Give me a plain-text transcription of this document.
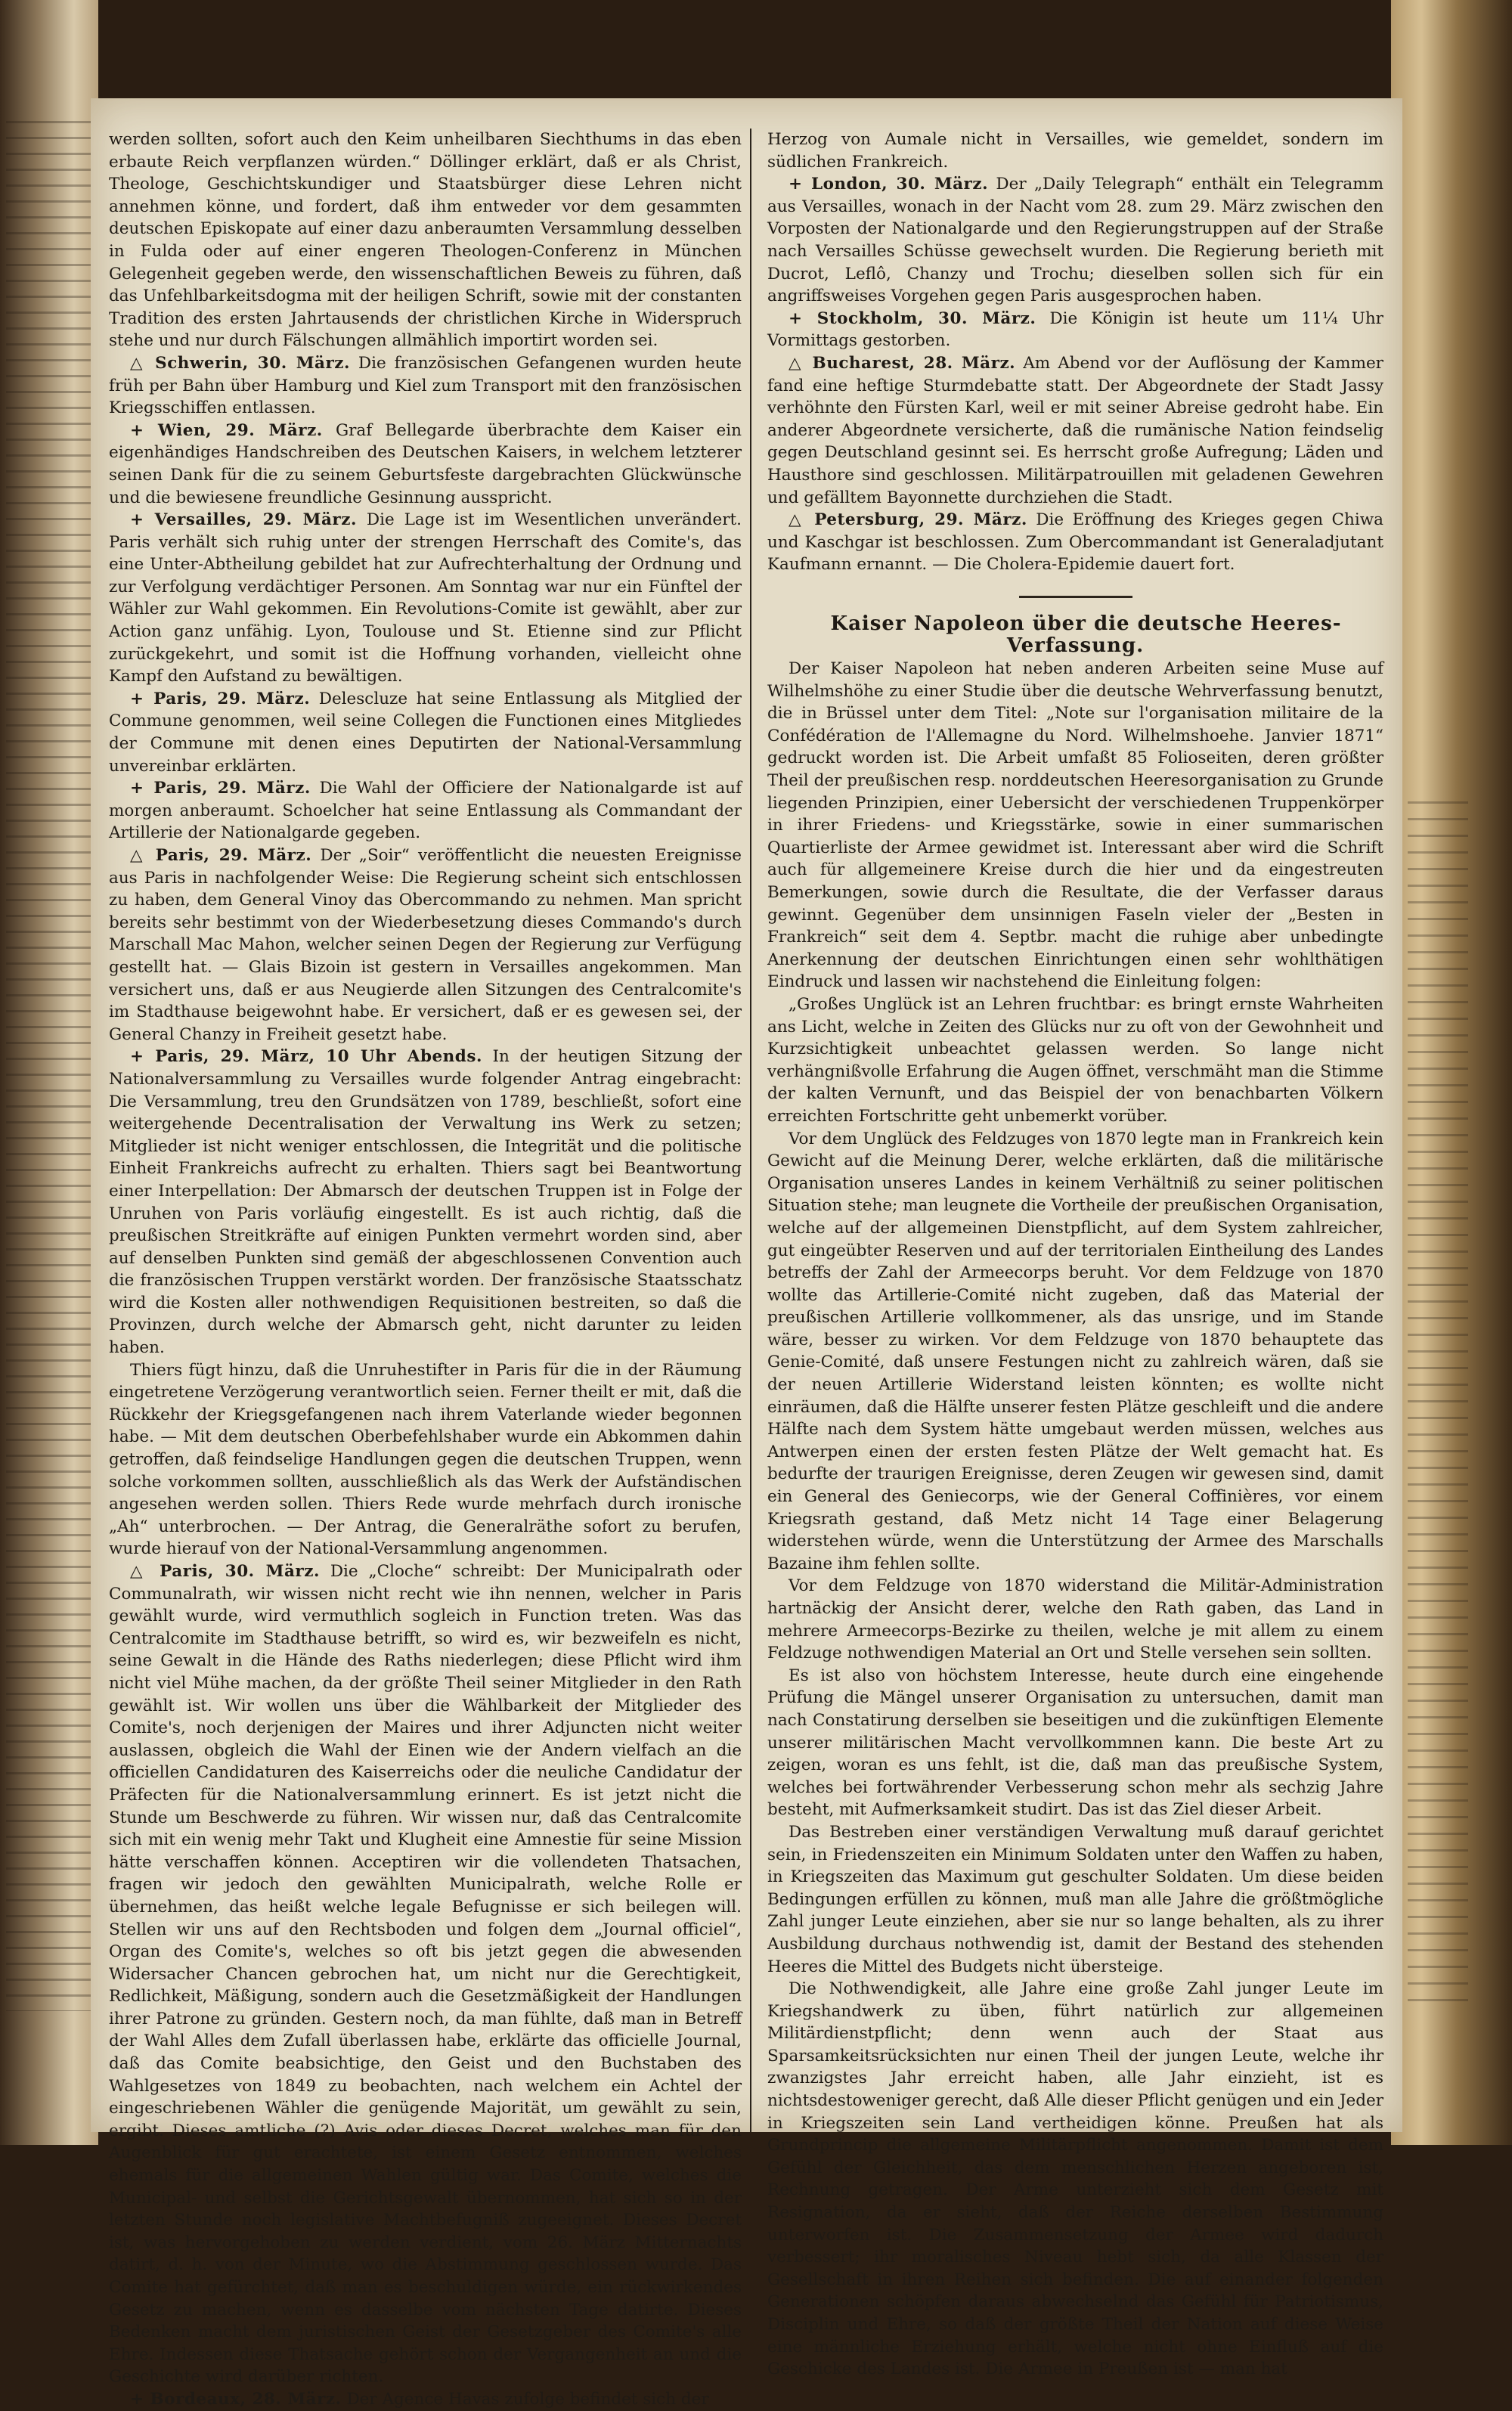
werden sollten, sofort auch den Keim unheilbaren Siechthums in das eben erbaute Reich verpflanzen würden.“ Döllinger erklärt, daß er als Christ, Theologe, Geschichtskundiger und Staatsbürger diese Lehren nicht annehmen könne, und fordert, daß ihm entweder vor dem gesammten deutschen Episkopate auf einer dazu anberaumten Versammlung desselben in Fulda oder auf einer engeren Theologen-Conferenz in München Gelegenheit gegeben werde, den wissenschaftlichen Beweis zu führen, daß das Unfehlbarkeitsdogma mit der heiligen Schrift, sowie mit der constanten Tradition des ersten Jahrtausends der christlichen Kirche in Widerspruch stehe und nur durch Fälschungen allmählich importirt worden sei.

△ Schwerin, 30. März. Die französischen Gefangenen wurden heute früh per Bahn über Hamburg und Kiel zum Transport mit den französischen Kriegsschiffen entlassen.

+ Wien, 29. März. Graf Bellegarde überbrachte dem Kaiser ein eigenhändiges Handschreiben des Deutschen Kaisers, in welchem letzterer seinen Dank für die zu seinem Geburtsfeste dargebrachten Glückwünsche und die bewiesene freundliche Gesinnung ausspricht.

+ Versailles, 29. März. Die Lage ist im Wesentlichen unverändert. Paris verhält sich ruhig unter der strengen Herrschaft des Comite's, das eine Unter-Abtheilung gebildet hat zur Aufrechterhaltung der Ordnung und zur Verfolgung verdächtiger Personen. Am Sonntag war nur ein Fünftel der Wähler zur Wahl gekommen. Ein Revolutions-Comite ist gewählt, aber zur Action ganz unfähig. Lyon, Toulouse und St. Etienne sind zur Pflicht zurückgekehrt, und somit ist die Hoffnung vorhanden, vielleicht ohne Kampf den Aufstand zu bewältigen.

+ Paris, 29. März. Delescluze hat seine Entlassung als Mitglied der Commune genommen, weil seine Collegen die Functionen eines Mitgliedes der Commune mit denen eines Deputirten der National-Versammlung unvereinbar erklärten.

+ Paris, 29. März. Die Wahl der Officiere der Nationalgarde ist auf morgen anberaumt. Schoelcher hat seine Entlassung als Commandant der Artillerie der Nationalgarde gegeben.

△ Paris, 29. März. Der „Soir“ veröffentlicht die neuesten Ereignisse aus Paris in nachfolgender Weise: Die Regierung scheint sich entschlossen zu haben, dem General Vinoy das Obercommando zu nehmen. Man spricht bereits sehr bestimmt von der Wiederbesetzung dieses Commando's durch Marschall Mac Mahon, welcher seinen Degen der Regierung zur Verfügung gestellt hat. — Glais Bizoin ist gestern in Versailles angekommen. Man versichert uns, daß er aus Neugierde allen Sitzungen des Centralcomite's im Stadthause beigewohnt habe. Er versichert, daß er es gewesen sei, der General Chanzy in Freiheit gesetzt habe.

+ Paris, 29. März, 10 Uhr Abends. In der heutigen Sitzung der Nationalversammlung zu Versailles wurde folgender Antrag eingebracht: Die Versammlung, treu den Grundsätzen von 1789, beschließt, sofort eine weitergehende Decentralisation der Verwaltung ins Werk zu setzen; Mitglieder ist nicht weniger entschlossen, die Integrität und die politische Einheit Frankreichs aufrecht zu erhalten. Thiers sagt bei Beantwortung einer Interpellation: Der Abmarsch der deutschen Truppen ist in Folge der Unruhen von Paris vorläufig eingestellt. Es ist auch richtig, daß die preußischen Streitkräfte auf einigen Punkten vermehrt worden sind, aber auf denselben Punkten sind gemäß der abgeschlossenen Convention auch die französischen Truppen verstärkt worden. Der französische Staatsschatz wird die Kosten aller nothwendigen Requisitionen bestreiten, so daß die Provinzen, durch welche der Abmarsch geht, nicht darunter zu leiden haben.

Thiers fügt hinzu, daß die Unruhestifter in Paris für die in der Räumung eingetretene Verzögerung verantwortlich seien. Ferner theilt er mit, daß die Rückkehr der Kriegsgefangenen nach ihrem Vaterlande wieder begonnen habe. — Mit dem deutschen Oberbefehlshaber wurde ein Abkommen dahin getroffen, daß feindselige Handlungen gegen die deutschen Truppen, wenn solche vorkommen sollten, ausschließlich als das Werk der Aufständischen angesehen werden sollen. Thiers Rede wurde mehrfach durch ironische „Ah“ unterbrochen. — Der Antrag, die Generalräthe sofort zu berufen, wurde hierauf von der National-Versammlung angenommen.

△ Paris, 30. März. Die „Cloche“ schreibt: Der Municipalrath oder Communalrath, wir wissen nicht recht wie ihn nennen, welcher in Paris gewählt wurde, wird vermuthlich sogleich in Function treten. Was das Centralcomite im Stadthause betrifft, so wird es, wir bezweifeln es nicht, seine Gewalt in die Hände des Raths niederlegen; diese Pflicht wird ihm nicht viel Mühe machen, da der größte Theil seiner Mitglieder in den Rath gewählt ist. Wir wollen uns über die Wählbarkeit der Mitglieder des Comite's, noch derjenigen der Maires und ihrer Adjuncten nicht weiter auslassen, obgleich die Wahl der Einen wie der Andern vielfach an die officiellen Candidaturen des Kaiserreichs oder die neuliche Candidatur der Präfecten für die Nationalversammlung erinnert. Es ist jetzt nicht die Stunde um Beschwerde zu führen. Wir wissen nur, daß das Centralcomite sich mit ein wenig mehr Takt und Klugheit eine Amnestie für seine Mission hätte verschaffen können. Acceptiren wir die vollendeten Thatsachen, fragen wir jedoch den gewählten Municipalrath, welche Rolle er übernehmen, das heißt welche legale Befugnisse er sich beilegen will. Stellen wir uns auf den Rechtsboden und folgen dem „Journal officiel“, Organ des Comite's, welches so oft bis jetzt gegen die abwesenden Widersacher Chancen gebrochen hat, um nicht nur die Gerechtigkeit, Redlichkeit, Mäßigung, sondern auch die Gesetzmäßigkeit der Handlungen ihrer Patrone zu gründen. Gestern noch, da man fühlte, daß man in Betreff der Wahl Alles dem Zufall überlassen habe, erklärte das officielle Journal, daß das Comite beabsichtige, den Geist und den Buchstaben des Wahlgesetzes von 1849 zu beobachten, nach welchem ein Achtel der eingeschriebenen Wähler die genügende Majorität, um gewählt zu sein, ergibt. Dieses amtliche (?) Avis oder dieses Decret, welches man für den Augenblick für gut erachtete, ist einem Gesetz entnommen, welches ehemals für die allgemeinen Wahlen gültig war. Das Comite, welches die Municipal- und selbst die Gerichtsgewalt übernommen, hat sich so in der letzten Stunde noch legislative Machtbefugniß zugeeignet. Dieses Decret ist, was hervorgehoben zu werden verdient, vom 26. März Mitternachts datirt, d. h. von der Minute, wo die Abstimmung geschlossen wurde. Das Comite hat gefürchtet, daß man es beschuldigen würde, ein rückwirkendes Gesetz zu machen, wenn es dasselbe vom nächsten Tage datirte. Dieses Bedenken macht dem juristischen Geist der Gesetzgeber des Comite's alle Ehre. Indessen diese Thatsache gehört schon der Vergangenheit an und die Geschichte wird darüber richten.

+ Bordeaux, 28. März. Der Agence Havas zufolge befindet sich der

Herzog von Aumale nicht in Versailles, wie gemeldet, sondern im südlichen Frankreich.

+ London, 30. März. Der „Daily Telegraph“ enthält ein Telegramm aus Versailles, wonach in der Nacht vom 28. zum 29. März zwischen den Vorposten der Nationalgarde und den Regierungstruppen auf der Straße nach Versailles Schüsse gewechselt wurden. Die Regierung berieth mit Ducrot, Leflô, Chanzy und Trochu; dieselben sollen sich für ein angriffsweises Vorgehen gegen Paris ausgesprochen haben.

+ Stockholm, 30. März. Die Königin ist heute um 11¼ Uhr Vormittags gestorben.

△ Bucharest, 28. März. Am Abend vor der Auflösung der Kammer fand eine heftige Sturmdebatte statt. Der Abgeordnete der Stadt Jassy verhöhnte den Fürsten Karl, weil er mit seiner Abreise gedroht habe. Ein anderer Abgeordnete versicherte, daß die rumänische Nation feindselig gegen Deutschland gesinnt sei. Es herrscht große Aufregung; Läden und Hausthore sind geschlossen. Militärpatrouillen mit geladenen Gewehren und gefälltem Bayonnette durchziehen die Stadt.

△ Petersburg, 29. März. Die Eröffnung des Krieges gegen Chiwa und Kaschgar ist beschlossen. Zum Obercommandant ist Generaladjutant Kaufmann ernannt. — Die Cholera-Epidemie dauert fort.

Kaiser Napoleon über die deutsche Heeres-Verfassung.

Der Kaiser Napoleon hat neben anderen Arbeiten seine Muse auf Wilhelmshöhe zu einer Studie über die deutsche Wehrverfassung benutzt, die in Brüssel unter dem Titel: „Note sur l'organisation militaire de la Confédération de l'Allemagne du Nord. Wilhelmshoehe. Janvier 1871“ gedruckt worden ist. Die Arbeit umfaßt 85 Folioseiten, deren größter Theil der preußischen resp. norddeutschen Heeresorganisation zu Grunde liegenden Prinzipien, einer Uebersicht der verschiedenen Truppenkörper in ihrer Friedens- und Kriegsstärke, sowie in einer summarischen Quartierliste der Armee gewidmet ist. Interessant aber wird die Schrift auch für allgemeinere Kreise durch die hier und da eingestreuten Bemerkungen, sowie durch die Resultate, die der Verfasser daraus gewinnt. Gegenüber dem unsinnigen Faseln vieler der „Besten in Frankreich“ seit dem 4. Septbr. macht die ruhige aber unbedingte Anerkennung der deutschen Einrichtungen einen sehr wohlthätigen Eindruck und lassen wir nachstehend die Einleitung folgen:

„Großes Unglück ist an Lehren fruchtbar: es bringt ernste Wahrheiten ans Licht, welche in Zeiten des Glücks nur zu oft von der Gewohnheit und Kurzsichtigkeit unbeachtet gelassen werden. So lange nicht verhängnißvolle Erfahrung die Augen öffnet, verschmäht man die Stimme der kalten Vernunft, und das Beispiel der von benachbarten Völkern erreichten Fortschritte geht unbemerkt vorüber.

Vor dem Unglück des Feldzuges von 1870 legte man in Frankreich kein Gewicht auf die Meinung Derer, welche erklärten, daß die militärische Organisation unseres Landes in keinem Verhältniß zu seiner politischen Situation stehe; man leugnete die Vortheile der preußischen Organisation, welche auf der allgemeinen Dienstpflicht, auf dem System zahlreicher, gut eingeübter Reserven und auf der territorialen Eintheilung des Landes betreffs der Zahl der Armeecorps beruht. Vor dem Feldzuge von 1870 wollte das Artillerie-Comité nicht zugeben, daß das Material der preußischen Artillerie vollkommener, als das unsrige, und im Stande wäre, besser zu wirken. Vor dem Feldzuge von 1870 behauptete das Genie-Comité, daß unsere Festungen nicht zu zahlreich wären, daß sie der neuen Artillerie Widerstand leisten könnten; es wollte nicht einräumen, daß die Hälfte unserer festen Plätze geschleift und die andere Hälfte nach dem System hätte umgebaut werden müssen, welches aus Antwerpen einen der ersten festen Plätze der Welt gemacht hat. Es bedurfte der traurigen Ereignisse, deren Zeugen wir gewesen sind, damit ein General des Geniecorps, wie der General Coffinières, vor einem Kriegsrath gestand, daß Metz nicht 14 Tage einer Belagerung widerstehen würde, wenn die Unterstützung der Armee des Marschalls Bazaine ihm fehlen sollte.

Vor dem Feldzuge von 1870 widerstand die Militär-Administration hartnäckig der Ansicht derer, welche den Rath gaben, das Land in mehrere Armeecorps-Bezirke zu theilen, welche je mit allem zu einem Feldzuge nothwendigen Material an Ort und Stelle versehen sein sollten.

Es ist also von höchstem Interesse, heute durch eine eingehende Prüfung die Mängel unserer Organisation zu untersuchen, damit man nach Constatirung derselben sie beseitigen und die zukünftigen Elemente unserer militärischen Macht vervollkommnen kann. Die beste Art zu zeigen, woran es uns fehlt, ist die, daß man das preußische System, welches bei fortwährender Verbesserung schon mehr als sechzig Jahre besteht, mit Aufmerksamkeit studirt. Das ist das Ziel dieser Arbeit.

Das Bestreben einer verständigen Verwaltung muß darauf gerichtet sein, in Friedenszeiten ein Minimum Soldaten unter den Waffen zu haben, in Kriegszeiten das Maximum gut geschulter Soldaten. Um diese beiden Bedingungen erfüllen zu können, muß man alle Jahre die größtmögliche Zahl junger Leute einziehen, aber sie nur so lange behalten, als zu ihrer Ausbildung durchaus nothwendig ist, damit der Bestand des stehenden Heeres die Mittel des Budgets nicht übersteige.

Die Nothwendigkeit, alle Jahre eine große Zahl junger Leute im Kriegshandwerk zu üben, führt natürlich zur allgemeinen Militärdienstpflicht; denn wenn auch der Staat aus Sparsamkeitsrücksichten nur einen Theil der jungen Leute, welche ihr zwanzigstes Jahr erreicht haben, alle Jahr einzieht, ist es nichtsdestoweniger gerecht, daß Alle dieser Pflicht genügen und ein Jeder in Kriegszeiten sein Land vertheidigen könne. Preußen hat als Grundprincip die allgemeine Militärpflicht angenommen. Damit ist dem Gefühl der Gleichheit, das dem menschlichen Herzen angeboren ist, Rechnung getragen. Der Arme unterzieht sich dem Gesetz mit Resignation, da er sieht, daß der Reiche derselben Bestimmung unterworfen ist. Die Zusammensetzung der Armee wird dadurch verbessert; ihr moralisches Niveau hebt sich, da alle Klassen der Gesellschaft in ihren Reihen sich befinden. Die auf einander folgenden Generationen schöpfen daraus abwechselnd das Gefühl für Patriotismus, Disciplin und Ehre, so daß der größte Theil der Nation auf diese Weise eine männliche Erziehung erhält, welche nicht ohne Einfluß auf die Geschicke des Landes ist. Die Armee in Preußen ist — man hat
